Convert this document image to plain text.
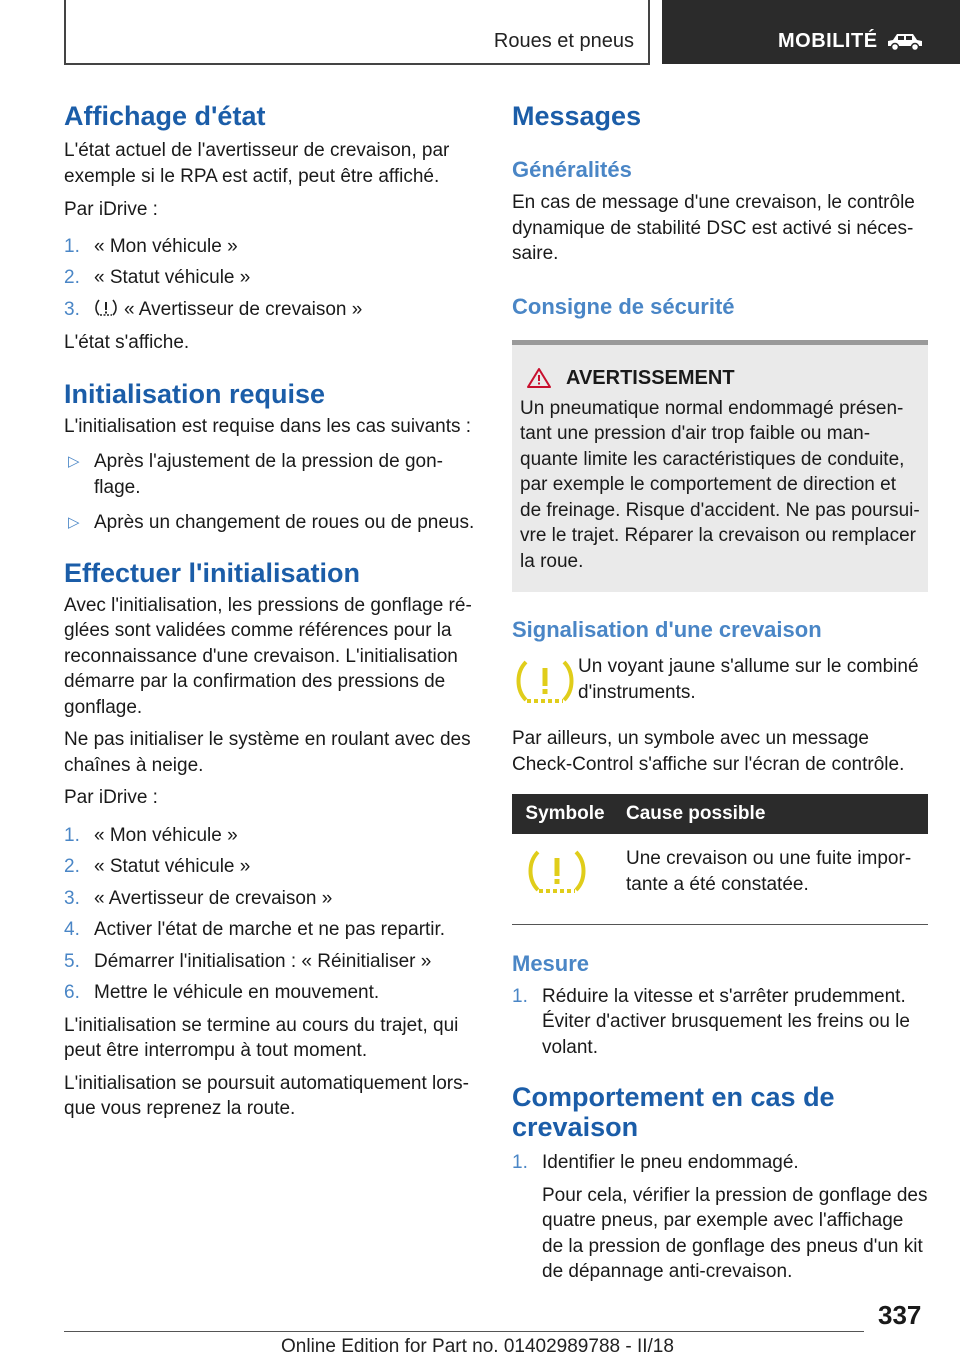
Roues et pneus	MOBILITÉ
Affichage d'état

L'état actuel de l'avertisseur de crevaison, par exemple si le RPA est actif, peut être affiché.

Par iDrive :

1. « Mon véhicule »
2. « Statut véhicule »
3. « Avertisseur de crevaison »

L'état s'affiche.

Initialisation requise

L'initialisation est requise dans les cas suivants :

▷ Après l'ajustement de la pression de gon‐ flage.
▷ Après un changement de roues ou de pneus.
Effectuer l'initialisation

Avec l'initialisation, les pressions de gonflage ré‐ glées sont validées comme références pour la reconnaissance d'une crevaison. L'initialisation démarre par la confirmation des pressions de gonflage.

Ne pas initialiser le système en roulant avec des chaînes à neige.

Par iDrive :

1. « Mon véhicule »
2. « Statut véhicule »
3. « Avertisseur de crevaison »
4. Activer l'état de marche et ne pas repartir.
5. Démarrer l'initialisation : « Réinitialiser »
6. Mettre le véhicule en mouvement.

L'initialisation se termine au cours du trajet, qui peut être interrompu à tout moment.

L'initialisation se poursuit automatiquement lors‐ que vous reprenez la route.

Messages
Généralités

En cas de message d'une crevaison, le contrôle dynamique de stabilité DSC est activé si néces‐ saire.

Consigne de sécurité
AVERTISSEMENT

Un pneumatique normal endommagé présen‐ tant une pression d'air trop faible ou man‐ quante limite les caractéristiques de conduite, par exemple le comportement de direction et de freinage. Risque d'accident. Ne pas poursui‐ vre le trajet. Réparer la crevaison ou remplacer la roue.

Signalisation d'une crevaison

Un voyant jaune s'allume sur le combiné d'instruments.

Par ailleurs, un symbole avec un message Check-Control s'affiche sur l'écran de contrôle.

Symbole	Cause possible
	Une crevaison ou une fuite impor‐ tante a été constatée.
Mesure
1. Réduire la vitesse et s'arrêter prudemment. Éviter d'activer brusquement les freins ou le volant.
Comportement en cas de crevaison
1. Identifier le pneu endommagé.

Pour cela, vérifier la pression de gonflage des quatre pneus, par exemple avec l'affichage de la pression de gonflage des pneus d'un kit de dépannage anti-crevaison.

337
Online Edition for Part no. 01402989788 - II/18
